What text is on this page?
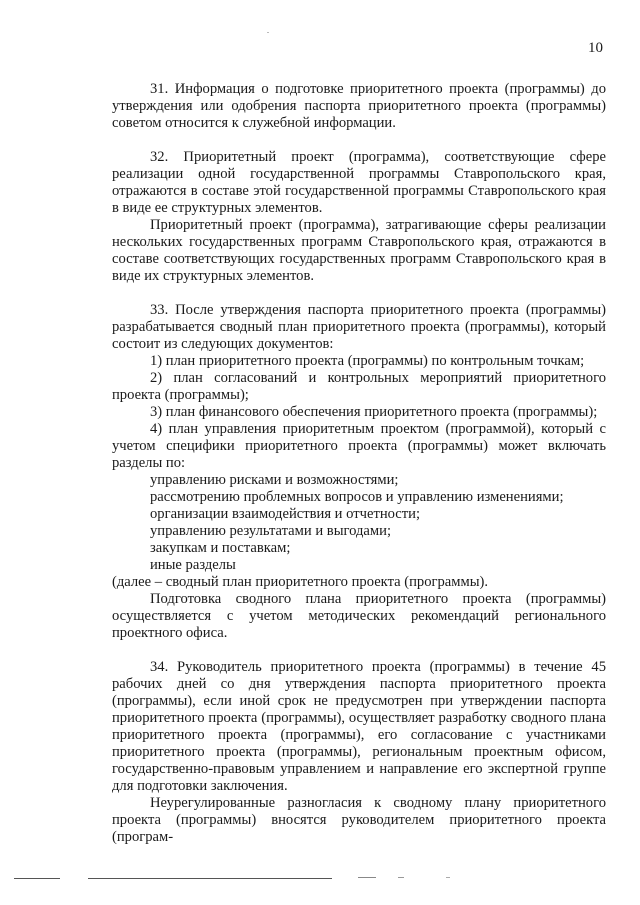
10

31. Информация о подготовке приоритетного проекта (программы) до утверждения или одобрения паспорта приоритетного проекта (программы) советом относится к служебной информации.

32. Приоритетный проект (программа), соответствующие сфере реализации одной государственной программы Ставропольского края, отражаются в составе этой государственной программы Ставропольского края в виде ее структурных элементов.

Приоритетный проект (программа), затрагивающие сферы реализации нескольких государственных программ Ставропольского края, отражаются в составе соответствующих государственных программ Ставропольского края в виде их структурных элементов.

33. После утверждения паспорта приоритетного проекта (программы) разрабатывается сводный план приоритетного проекта (программы), который состоит из следующих документов:

1) план приоритетного проекта (программы) по контрольным точкам;

2) план согласований и контрольных мероприятий приоритетного проекта (программы);

3) план финансового обеспечения приоритетного проекта (программы);

4) план управления приоритетным проектом (программой), который с учетом специфики приоритетного проекта (программы) может включать разделы по:

управлению рисками и возможностями;

рассмотрению проблемных вопросов и управлению изменениями;

организации взаимодействия и отчетности;

управлению результатами и выгодами;

закупкам и поставкам;

иные разделы

(далее – сводный план приоритетного проекта (программы).

Подготовка сводного плана приоритетного проекта (программы) осуществляется с учетом методических рекомендаций регионального проектного офиса.

34. Руководитель приоритетного проекта (программы) в течение 45 рабочих дней со дня утверждения паспорта приоритетного проекта (программы), если иной срок не предусмотрен при утверждении паспорта приоритетного проекта (программы), осуществляет разработку сводного плана приоритетного проекта (программы), его согласование с участниками приоритетного проекта (программы), региональным проектным офисом, государственно-правовым управлением и направление его экспертной группе для подготовки заключения.

Неурегулированные разногласия к сводному плану приоритетного проекта (программы) вносятся руководителем приоритетного проекта (програм-
